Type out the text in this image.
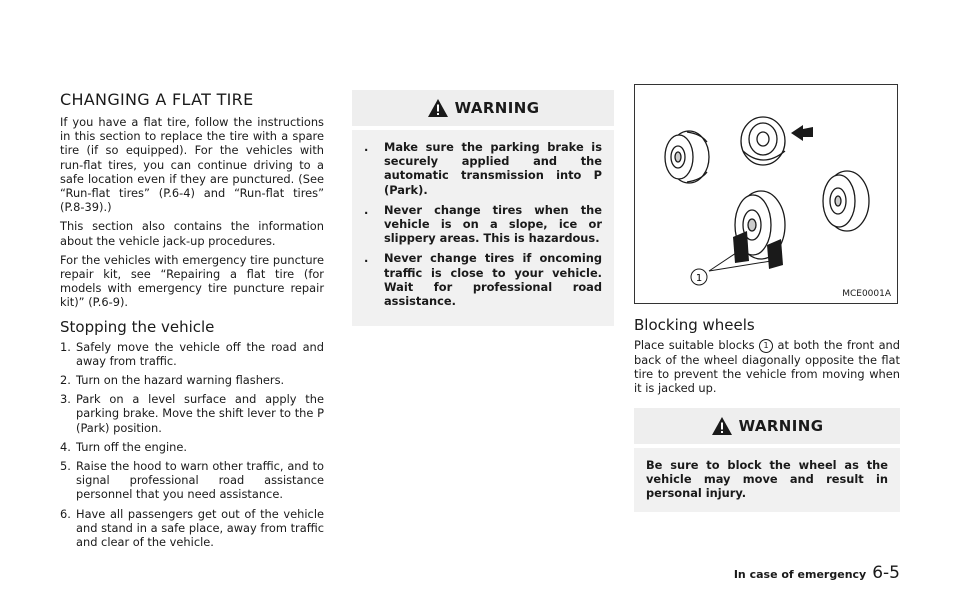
CHANGING A FLAT TIRE

If you have a flat tire, follow the instructions in this section to replace the tire with a spare tire (if so equipped). For the vehicles with run-flat tires, you can continue driving to a safe location even if they are punctured. (See “Run-flat tires” (P.6-4) and “Run-flat tires” (P.8-39).)

This section also contains the information about the vehicle jack-up procedures.

For the vehicles with emergency tire puncture repair kit, see “Repairing a flat tire (for models with emergency tire puncture repair kit)” (P.6-9).

Stopping the vehicle
1. Safely move the vehicle off the road and away from traffic.
2. Turn on the hazard warning flashers.
3. Park on a level surface and apply the parking brake. Move the shift lever to the P (Park) position.
4. Turn off the engine.
5. Raise the hood to warn other traffic, and to signal professional road assistance personnel that you need assistance.
6. Have all passengers get out of the vehicle and stand in a safe place, away from traffic and clear of the vehicle.
WARNING
. Make sure the parking brake is securely applied and the automatic transmission into P (Park).
. Never change tires when the vehicle is on a slope, ice or slippery areas. This is hazardous.
. Never change tires if oncoming traffic is close to your vehicle. Wait for professional road assistance.
1
MCE0001A
Blocking wheels

Place suitable blocks 1 at both the front and back of the wheel diagonally opposite the flat tire to prevent the vehicle from moving when it is jacked up.

WARNING

Be sure to block the wheel as the vehicle may move and result in personal injury.

In case of emergency 6-5
